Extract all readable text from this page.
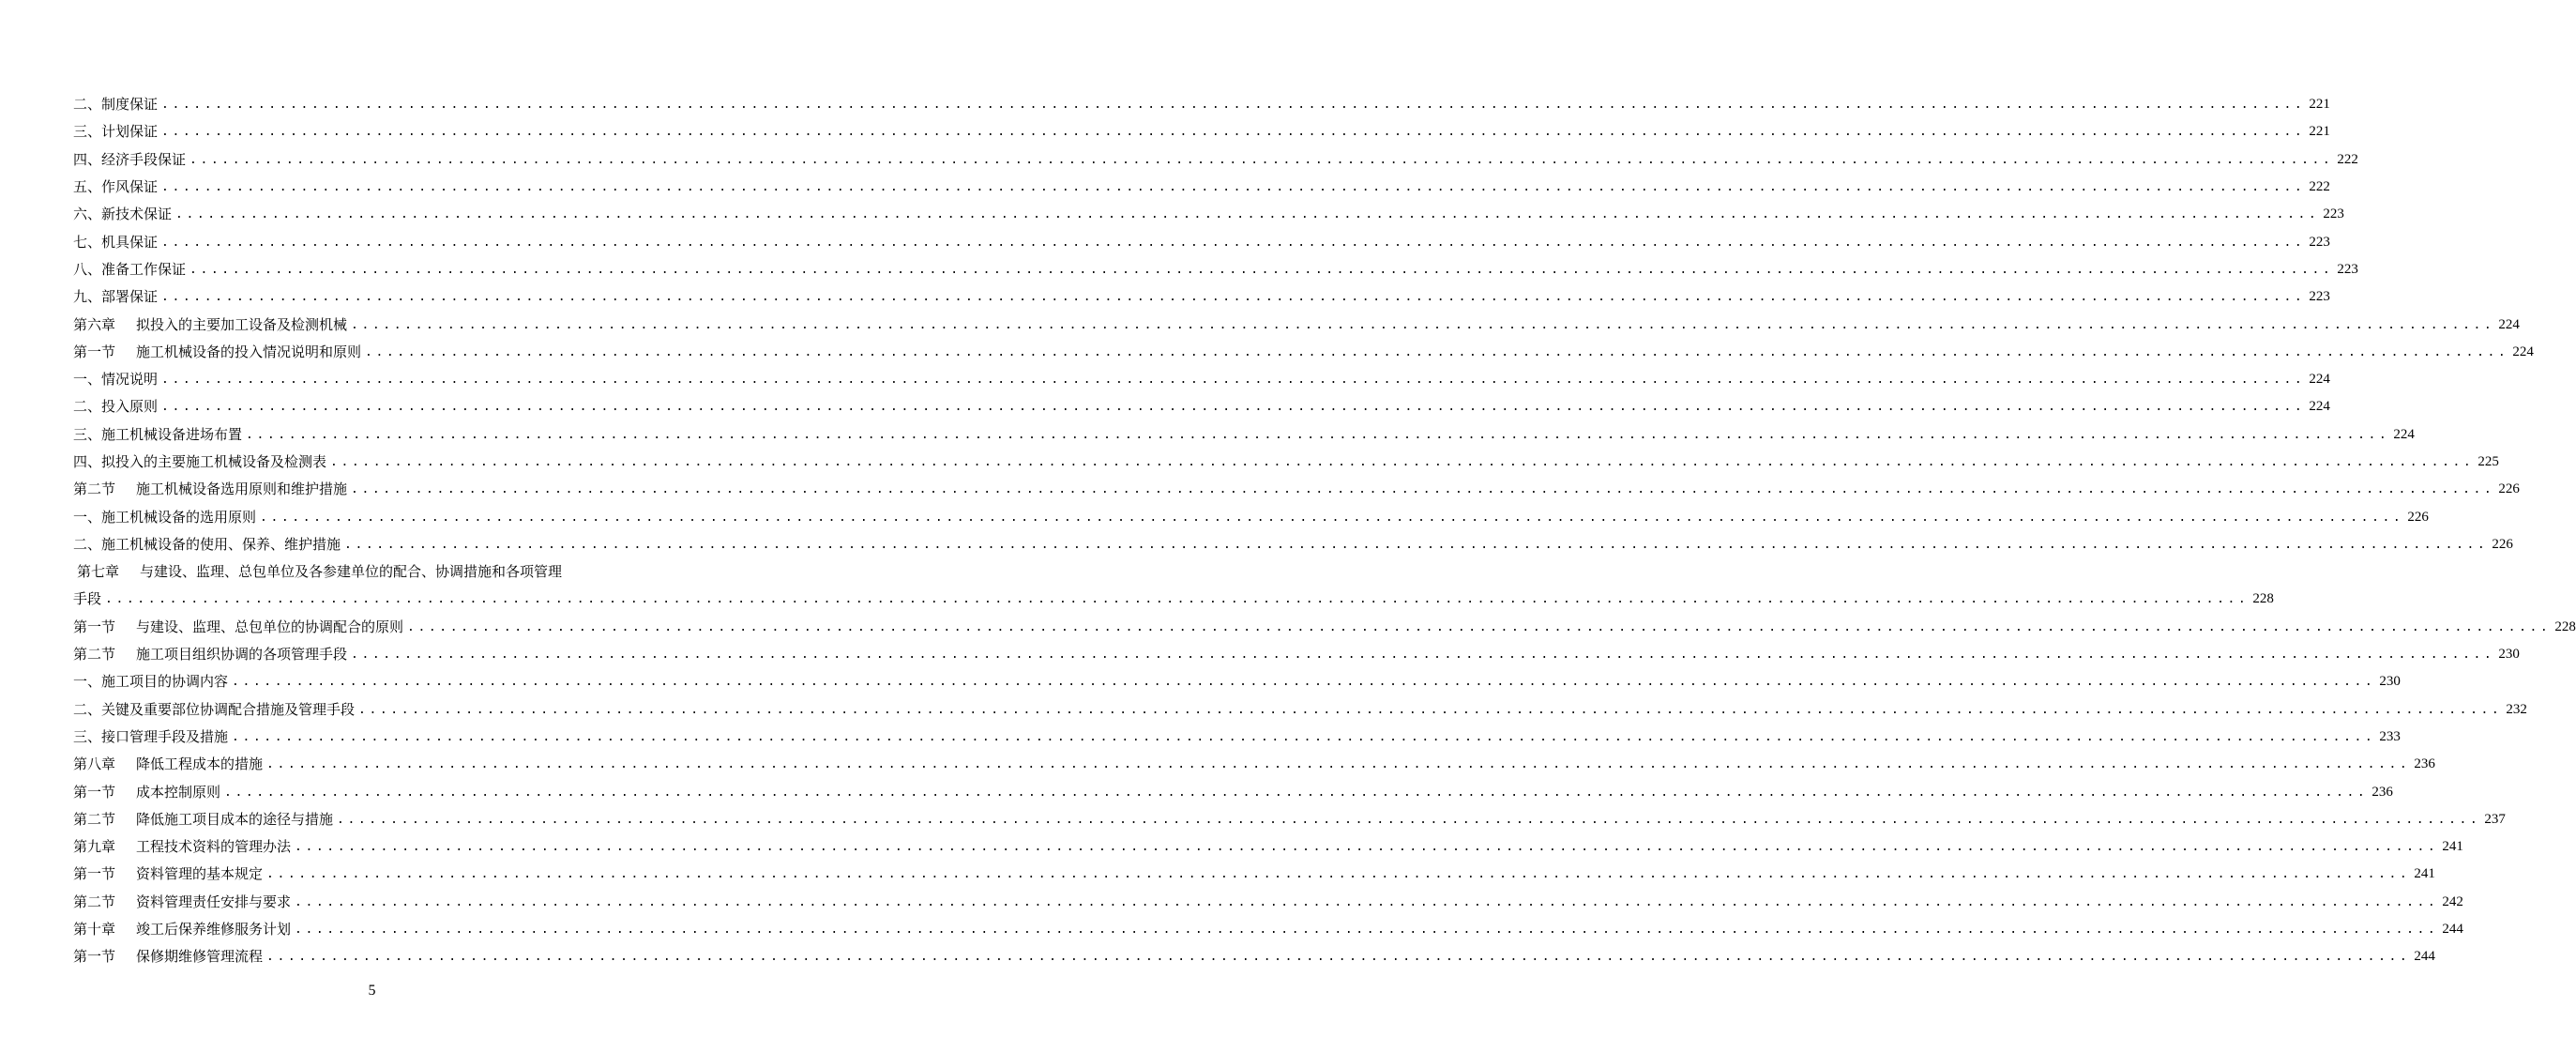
二、制度保证 ........................................................................................................................................................................................................ 221
三、计划保证 ........................................................................................................................................................................................................ 221
四、经济手段保证 ........................................................................................................................................................................................................ 222
五、作风保证 ........................................................................................................................................................................................................ 222
六、新技术保证 ........................................................................................................................................................................................................ 223
七、机具保证 ........................................................................................................................................................................................................ 223
八、准备工作保证 ........................................................................................................................................................................................................ 223
九、部署保证 ........................................................................................................................................................................................................ 223
第六章 拟投入的主要加工设备及检测机械 ........................................................................................................................................................................................................ 224
第一节 施工机械设备的投入情况说明和原则 ........................................................................................................................................................................................................ 224
一、情况说明 ........................................................................................................................................................................................................ 224
二、投入原则 ........................................................................................................................................................................................................ 224
三、施工机械设备进场布置 ........................................................................................................................................................................................................ 224
四、拟投入的主要施工机械设备及检测表 ........................................................................................................................................................................................................ 225
第二节 施工机械设备选用原则和维护措施 ........................................................................................................................................................................................................ 226
一、施工机械设备的选用原则 ........................................................................................................................................................................................................ 226
二、施工机械设备的使用、保养、维护措施 ........................................................................................................................................................................................................ 226
第七章 与建设、监理、总包单位及各参建单位的配合、协调措施和各项管理
手段 ........................................................................................................................................................................................................ 228
第一节 与建设、监理、总包单位的协调配合的原则 ........................................................................................................................................................................................................ 228
第二节 施工项目组织协调的各项管理手段 ........................................................................................................................................................................................................ 230
一、施工项目的协调内容 ........................................................................................................................................................................................................ 230
二、关键及重要部位协调配合措施及管理手段 ........................................................................................................................................................................................................ 232
三、接口管理手段及措施 ........................................................................................................................................................................................................ 233
第八章 降低工程成本的措施 ........................................................................................................................................................................................................ 236
第一节 成本控制原则 ........................................................................................................................................................................................................ 236
第二节 降低施工项目成本的途径与措施 ........................................................................................................................................................................................................ 237
第九章 工程技术资料的管理办法 ........................................................................................................................................................................................................ 241
第一节 资料管理的基本规定 ........................................................................................................................................................................................................ 241
第二节 资料管理责任安排与要求 ........................................................................................................................................................................................................ 242
第十章 竣工后保养维修服务计划 ........................................................................................................................................................................................................ 244
第一节 保修期维修管理流程 ........................................................................................................................................................................................................ 244
5
